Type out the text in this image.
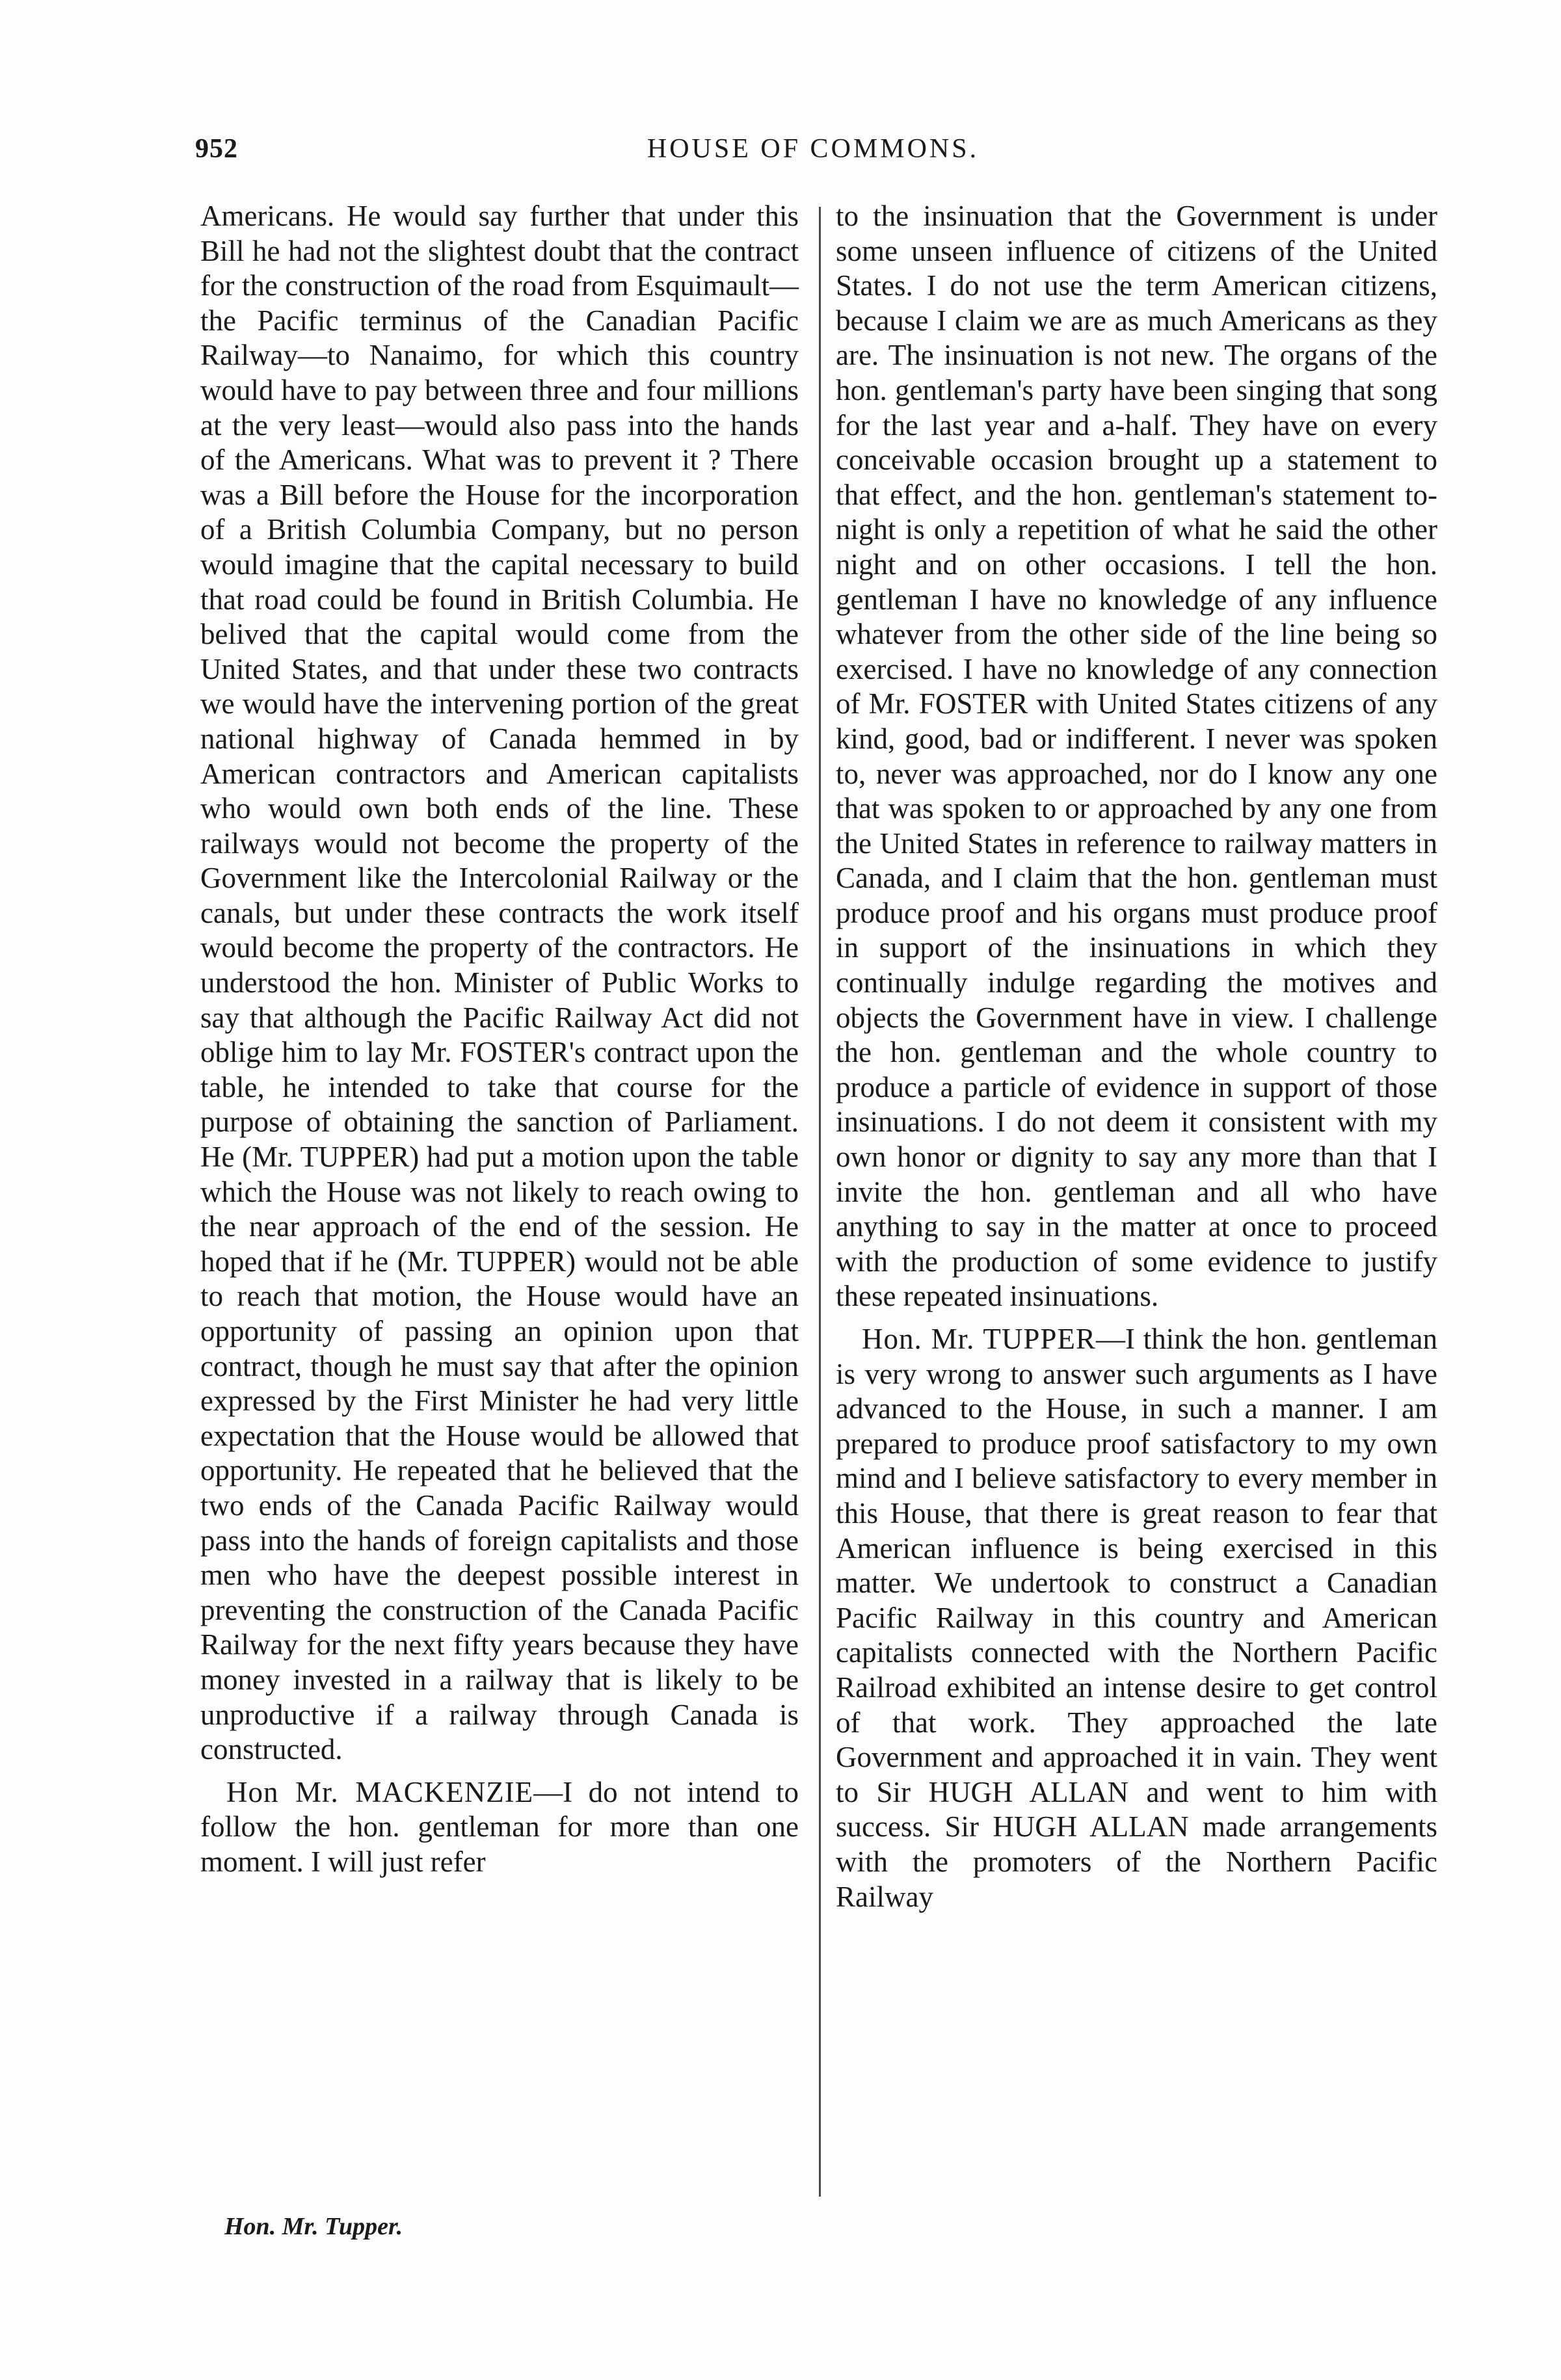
952	HOUSE OF COMMONS.

Americans. He would say further that under this Bill he had not the slightest doubt that the contract for the construction of the road from Esquimault—the Pacific terminus of the Canadian Pacific Railway—to Nanaimo, for which this country would have to pay between three and four millions at the very least—would also pass into the hands of the Americans. What was to prevent it ? There was a Bill before the House for the incorporation of a British Columbia Company, but no person would imagine that the capital necessary to build that road could be found in British Columbia. He belived that the capital would come from the United States, and that under these two contracts we would have the intervening portion of the great national highway of Canada hemmed in by American contractors and American capitalists who would own both ends of the line. These railways would not become the property of the Government like the Intercolonial Railway or the canals, but under these contracts the work itself would become the property of the contractors. He understood the hon. Minister of Public Works to say that although the Pacific Railway Act did not oblige him to lay Mr. FOSTER's contract upon the table, he intended to take that course for the purpose of obtaining the sanction of Parliament. He (Mr. TUPPER) had put a motion upon the table which the House was not likely to reach owing to the near approach of the end of the session. He hoped that if he (Mr. TUPPER) would not be able to reach that motion, the House would have an opportunity of passing an opinion upon that contract, though he must say that after the opinion expressed by the First Minister he had very little expectation that the House would be allowed that opportunity. He repeated that he believed that the two ends of the Canada Pacific Railway would pass into the hands of foreign capitalists and those men who have the deepest possible interest in preventing the construction of the Canada Pacific Railway for the next fifty years because they have money invested in a railway that is likely to be unproductive if a railway through Canada is constructed.

Hon Mr. MACKENZIE—I do not intend to follow the hon. gentleman for more than one moment. I will just refer

to the insinuation that the Government is under some unseen influence of citizens of the United States. I do not use the term American citizens, because I claim we are as much Americans as they are. The insinuation is not new. The organs of the hon. gentleman's party have been singing that song for the last year and a-half. They have on every conceivable occasion brought up a statement to that effect, and the hon. gentleman's statement to-night is only a repetition of what he said the other night and on other occasions. I tell the hon. gentleman I have no knowledge of any influence whatever from the other side of the line being so exercised. I have no knowledge of any connection of Mr. FOSTER with United States citizens of any kind, good, bad or indifferent. I never was spoken to, never was approached, nor do I know any one that was spoken to or approached by any one from the United States in reference to railway matters in Canada, and I claim that the hon. gentleman must produce proof and his organs must produce proof in support of the insinuations in which they continually indulge regarding the motives and objects the Government have in view. I challenge the hon. gentleman and the whole country to produce a particle of evidence in support of those insinuations. I do not deem it consistent with my own honor or dignity to say any more than that I invite the hon. gentleman and all who have anything to say in the matter at once to proceed with the production of some evidence to justify these repeated insinuations.

Hon. Mr. TUPPER—I think the hon. gentleman is very wrong to answer such arguments as I have advanced to the House, in such a manner. I am prepared to produce proof satisfactory to my own mind and I believe satisfactory to every member in this House, that there is great reason to fear that American influence is being exercised in this matter. We undertook to construct a Canadian Pacific Railway in this country and American capitalists connected with the Northern Pacific Railroad exhibited an intense desire to get control of that work. They approached the late Government and approached it in vain. They went to Sir HUGH ALLAN and went to him with success. Sir HUGH ALLAN made arrangements with the promoters of the Northern Pacific Railway

Hon. Mr. Tupper.
